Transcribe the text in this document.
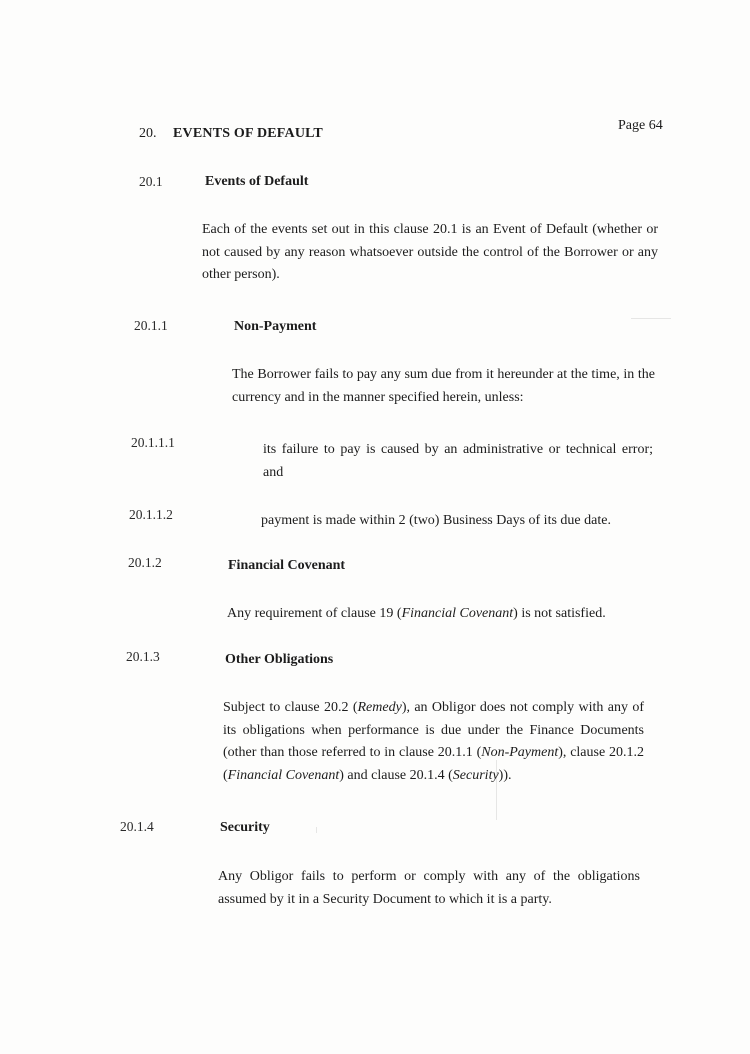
Page 64
20. EVENTS OF DEFAULT
20.1	Events of Default
Each of the events set out in this clause 20.1 is an Event of Default (whether or not caused by any reason whatsoever outside the control of the Borrower or any other person).
20.1.1	Non-Payment
The Borrower fails to pay any sum due from it hereunder at the time, in the currency and in the manner specified herein, unless:
20.1.1.1	its failure to pay is caused by an administrative or technical error; and
20.1.1.2	payment is made within 2 (two) Business Days of its due date.
20.1.2	Financial Covenant
Any requirement of clause 19 (Financial Covenant) is not satisfied.
20.1.3	Other Obligations
Subject to clause 20.2 (Remedy), an Obligor does not comply with any of its obligations when performance is due under the Finance Documents (other than those referred to in clause 20.1.1 (Non-Payment), clause 20.1.2 (Financial Covenant) and clause 20.1.4 (Security)).
20.1.4	Security
Any Obligor fails to perform or comply with any of the obligations assumed by it in a Security Document to which it is a party.
